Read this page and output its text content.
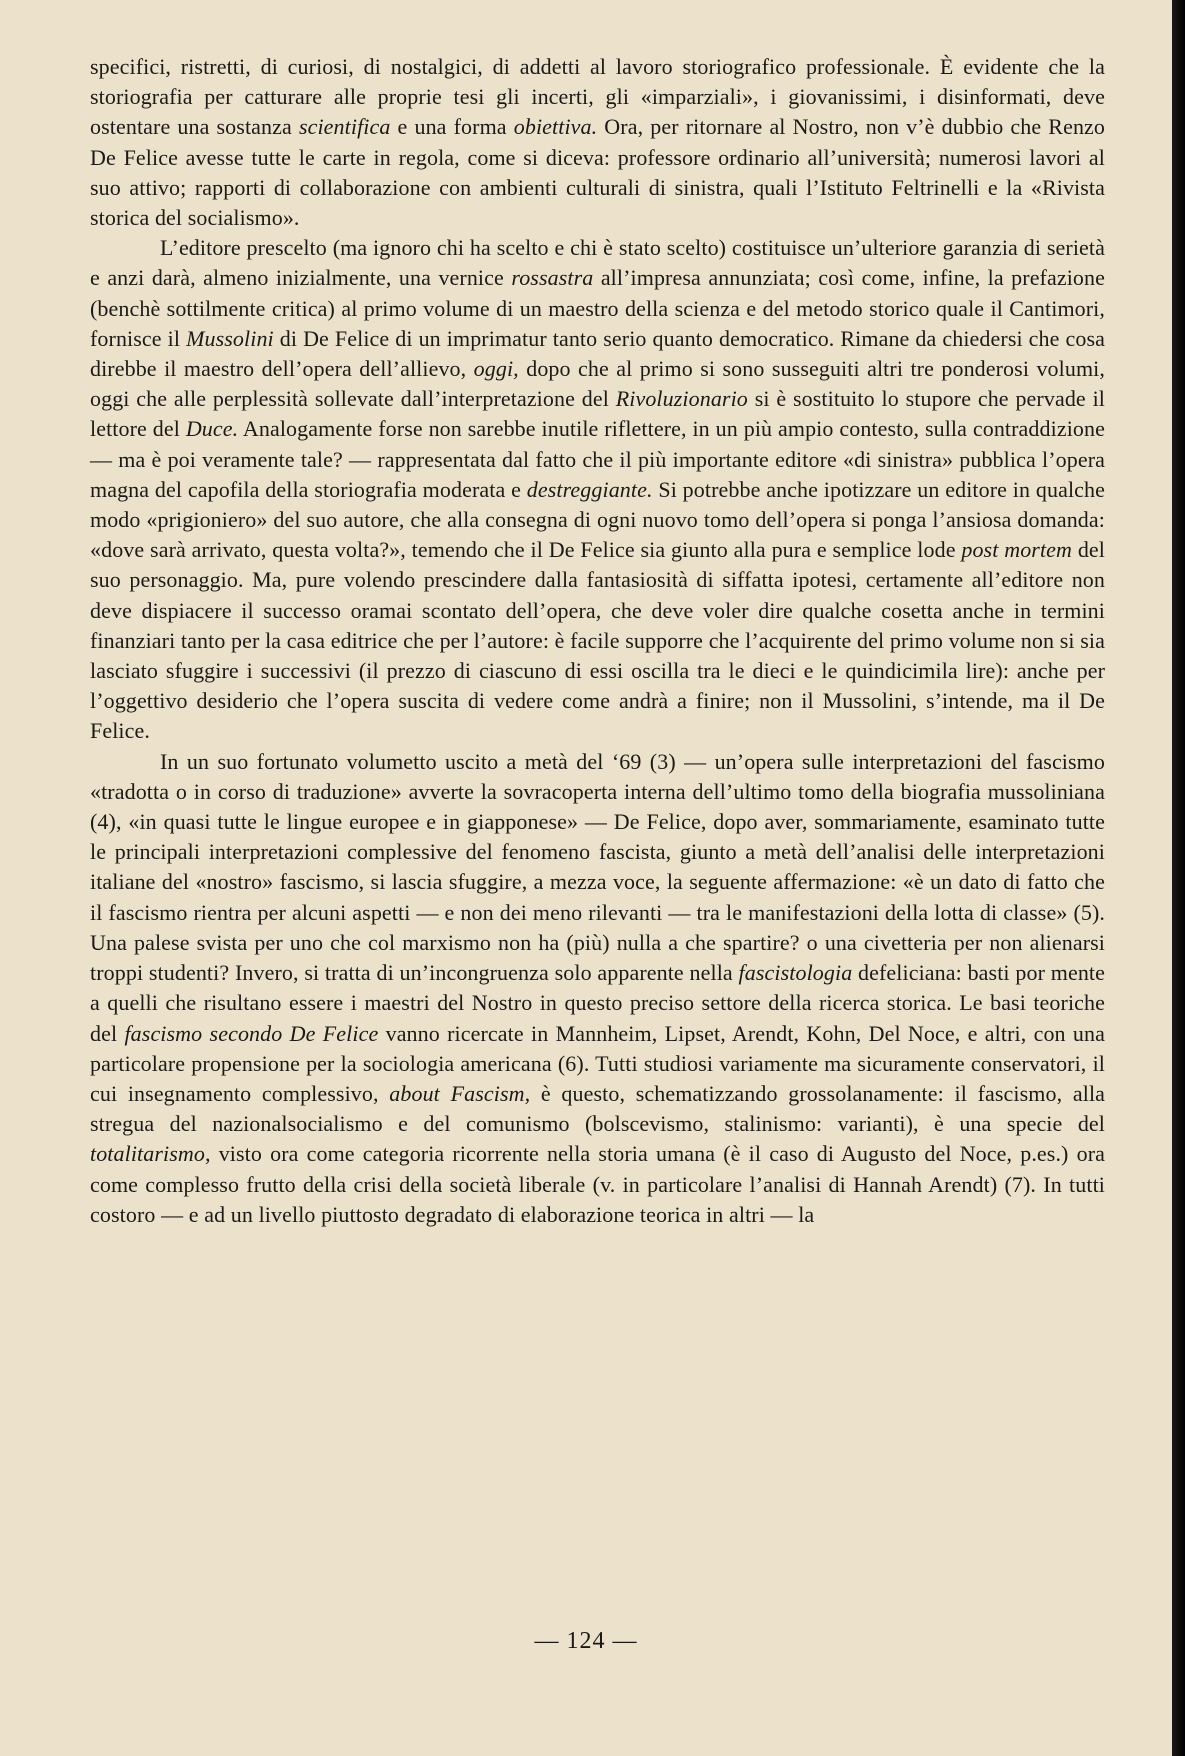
specifici, ristretti, di curiosi, di nostalgici, di addetti al lavoro storiografico professionale. È evidente che la storiografia per catturare alle proprie tesi gli incerti, gli «imparziali», i giovanissimi, i disinformati, deve ostentare una sostanza scientifica e una forma obiettiva. Ora, per ritornare al Nostro, non v’è dubbio che Renzo De Felice avesse tutte le carte in regola, come si diceva: professore ordinario all’università; numerosi lavori al suo attivo; rapporti di collaborazione con ambienti culturali di sinistra, quali l’Istituto Feltrinelli e la «Rivista storica del socialismo».

L’editore prescelto (ma ignoro chi ha scelto e chi è stato scelto) costituisce un’ulteriore garanzia di serietà e anzi darà, almeno inizialmente, una vernice rossastra all’impresa annunziata; così come, infine, la prefazione (benchè sottilmente critica) al primo volume di un maestro della scienza e del metodo storico quale il Cantimori, fornisce il Mussolini di De Felice di un imprimatur tanto serio quanto democratico. Rimane da chiedersi che cosa direbbe il maestro dell’opera dell’allievo, oggi, dopo che al primo si sono susseguiti altri tre ponderosi volumi, oggi che alle perplessità sollevate dall’interpretazione del Rivoluzionario si è sostituito lo stupore che pervade il lettore del Duce. Analogamente forse non sarebbe inutile riflettere, in un più ampio contesto, sulla contraddizione — ma è poi veramente tale? — rappresentata dal fatto che il più importante editore «di sinistra» pubblica l’opera magna del capofila della storiografia moderata e destreggiante. Si potrebbe anche ipotizzare un editore in qualche modo «prigioniero» del suo autore, che alla consegna di ogni nuovo tomo dell’opera si ponga l’ansiosa domanda: «dove sarà arrivato, questa volta?», temendo che il De Felice sia giunto alla pura e semplice lode post mortem del suo personaggio. Ma, pure volendo prescindere dalla fantasiosità di siffatta ipotesi, certamente all’editore non deve dispiacere il successo oramai scontato dell’opera, che deve voler dire qualche cosetta anche in termini finanziari tanto per la casa editrice che per l’autore: è facile supporre che l’acquirente del primo volume non si sia lasciato sfuggire i successivi (il prezzo di ciascuno di essi oscilla tra le dieci e le quindicimila lire): anche per l’oggettivo desiderio che l’opera suscita di vedere come andrà a finire; non il Mussolini, s’intende, ma il De Felice.

In un suo fortunato volumetto uscito a metà del ‘69 (3) — un’opera sulle interpretazioni del fascismo «tradotta o in corso di traduzione» avverte la sovracoperta interna dell’ultimo tomo della biografia mussoliniana (4), «in quasi tutte le lingue europee e in giapponese» — De Felice, dopo aver, sommariamente, esaminato tutte le principali interpretazioni complessive del fenomeno fascista, giunto a metà dell’analisi delle interpretazioni italiane del «nostro» fascismo, si lascia sfuggire, a mezza voce, la seguente affermazione: «è un dato di fatto che il fascismo rientra per alcuni aspetti — e non dei meno rilevanti — tra le manifestazioni della lotta di classe» (5). Una palese svista per uno che col marxismo non ha (più) nulla a che spartire? o una civetteria per non alienarsi troppi studenti? Invero, si tratta di un’incongruenza solo apparente nella fascistologia defeliciana: basti por mente a quelli che risultano essere i maestri del Nostro in questo preciso settore della ricerca storica. Le basi teoriche del fascismo secondo De Felice vanno ricercate in Mannheim, Lipset, Arendt, Kohn, Del Noce, e altri, con una particolare propensione per la sociologia americana (6). Tutti studiosi variamente ma sicuramente conservatori, il cui insegnamento complessivo, about Fascism, è questo, schematizzando grossolanamente: il fascismo, alla stregua del nazionalsocialismo e del comunismo (bolscevismo, stalinismo: varianti), è una specie del totalitarismo, visto ora come categoria ricorrente nella storia umana (è il caso di Augusto del Noce, p.es.) ora come complesso frutto della crisi della società liberale (v. in particolare l’analisi di Hannah Arendt) (7). In tutti costoro — e ad un livello piuttosto degradato di elaborazione teorica in altri — la

— 124 —
